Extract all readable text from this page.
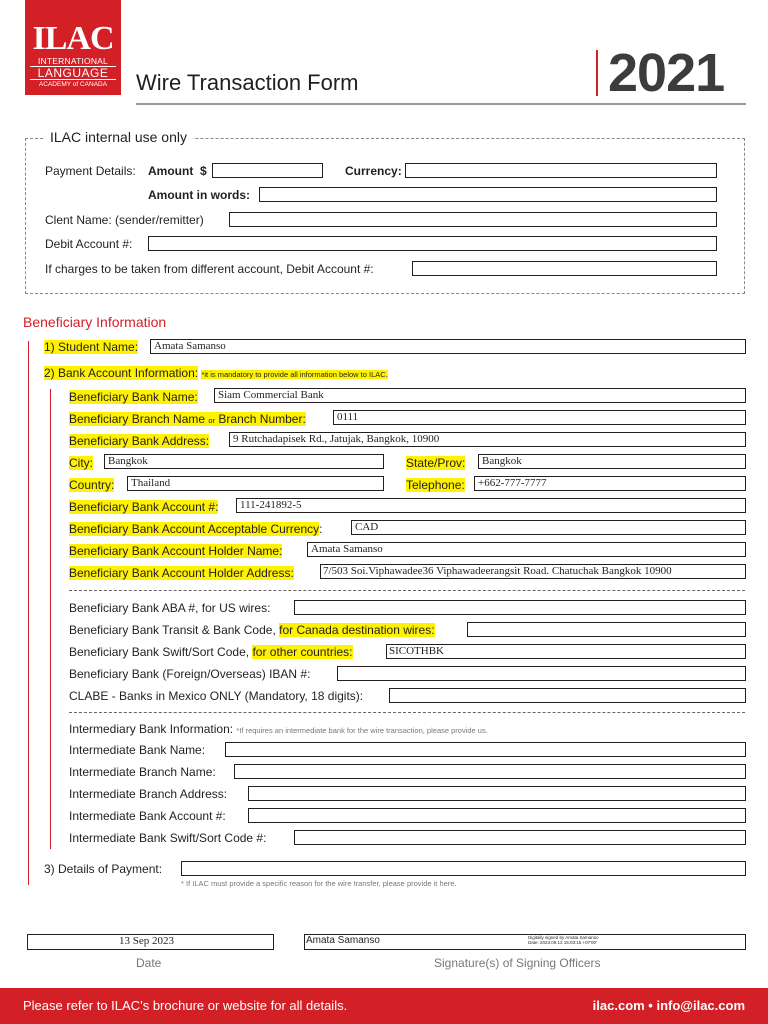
ILAC
INTERNATIONAL
LANGUAGE
ACADEMY of CANADA	Wire Transaction Form	2021
ILAC internal use only
Payment Details: Amount $	Currency:
Amount in words:
Clent Name: (sender/remitter)
Debit Account #:
If charges to be taken from different account, Debit Account #:
Beneficiary Information
1) Student Name: Amata Samanso
2) Bank Account Information: *it is mandatory to provide all information below to ILAC.
Beneficiary Bank Name: Siam Commercial Bank
Beneficiary Branch Name or Branch Number:	0111
Beneficiary Bank Address: 9 Rutchadapisek Rd., Jatujak, Bangkok, 10900
City: Bangkok	State/Prov: Bangkok
Country: Thailand	Telephone: +662-777-7777
Beneficiary Bank Account #: 111-241892-5
Beneficiary Bank Account Acceptable Currency:	CAD
Beneficiary Bank Account Holder Name:	Amata Samanso
Beneficiary Bank Account Holder Address:	7/503 Soi.Viphawadee36 Viphawadeerangsit Road. Chatuchak Bangkok 10900
Beneficiary Bank ABA #, for US wires:
Beneficiary Bank Transit & Bank Code, for Canada destination wires:
Beneficiary Bank Swift/Sort Code, for other countries:	SICOTHBK
Beneficiary Bank (Foreign/Overseas) IBAN #:
CLABE - Banks in Mexico ONLY (Mandatory, 18 digits):
Intermediary Bank Information: *If requires an intermediate bank for the wire transaction, please provide us.
Intermediate Bank Name:
Intermediate Branch Name:
Intermediate Branch Address:
Intermediate Bank Account #:
Intermediate Bank Swift/Sort Code #:
3) Details of Payment:
* If ILAC must provide a specific reason for the wire transfer, please provide it here.
13 Sep 2023	Amata Samanso	Digitally signed by Amata Samanso
Date: 2023.09.13 15:03:15 +07'00'
Date	Signature(s) of Signing Officers
Please refer to ILAC’s brochure or website for all details.	ilac.com • info@ilac.com
